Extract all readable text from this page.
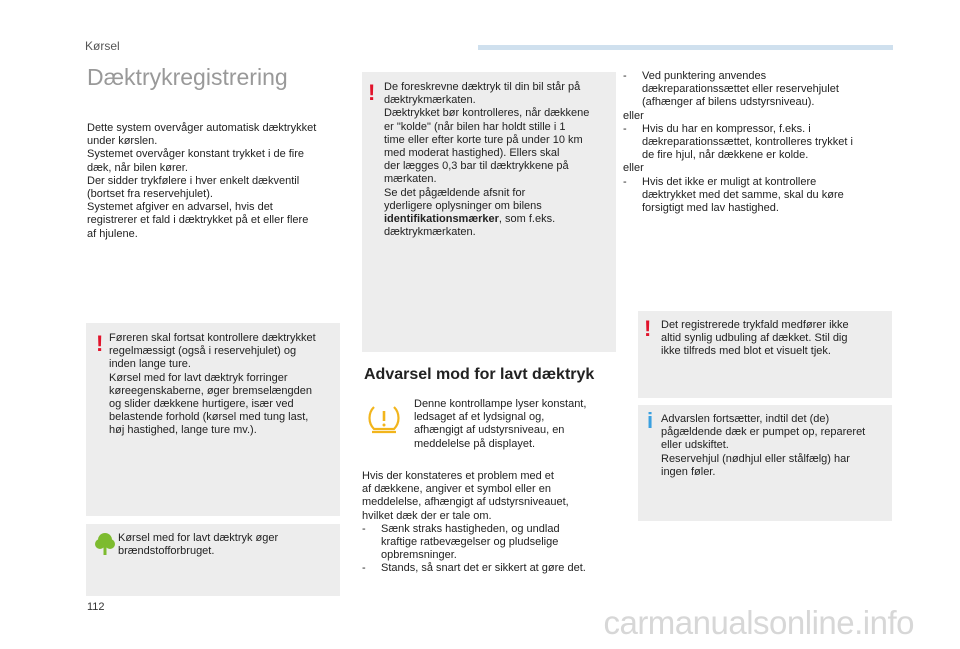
Kørsel
Dæktrykregistrering
Dette system overvåger automatisk dæktrykket
under kørslen.
Systemet overvåger konstant trykket i de fire
dæk, når bilen kører.
Der sidder trykfølere i hver enkelt dækventil
(bortset fra reservehjulet).
Systemet afgiver en advarsel, hvis det
registrerer et fald i dæktrykket på et eller flere
af hjulene.
! Føreren skal fortsat kontrollere dæktrykket
regelmæssigt (også i reservehjulet) og
inden lange ture.
Kørsel med for lavt dæktryk forringer
køreegenskaberne, øger bremselængden
og slider dækkene hurtigere, især ved
belastende forhold (kørsel med tung last,
høj hastighed, lange ture mv.).
Kørsel med for lavt dæktryk øger
brændstofforbruget.
! De foreskrevne dæktryk til din bil står på
dæktrykmærkaten.
Dæktrykket bør kontrolleres, når dækkene
er "kolde" (når bilen har holdt stille i 1
time eller efter korte ture på under 10 km
med moderat hastighed). Ellers skal
der lægges 0,3 bar til dæktrykkene på
mærkaten.
Se det pågældende afsnit for
yderligere oplysninger om bilens
identifikationsmærker, som f.eks.
dæktrykmærkaten.
Advarsel mod for lavt dæktryk
Denne kontrollampe lyser konstant,
ledsaget af et lydsignal og,
afhængigt af udstyrsniveau, en
meddelelse på displayet.
Hvis der konstateres et problem med et
af dækkene, angiver et symbol eller en
meddelelse, afhængigt af udstyrsniveauet,
hvilket dæk der er tale om.
- Sænk straks hastigheden, og undlad
kraftige ratbevægelser og pludselige
opbremsninger.
- Stands, så snart det er sikkert at gøre det.
- Ved punktering anvendes
dækreparationssættet eller reservehjulet
(afhænger af bilens udstyrsniveau).
eller
- Hvis du har en kompressor, f.eks. i
dækreparationssættet, kontrolleres trykket i
de fire hjul, når dækkene er kolde.
eller
- Hvis det ikke er muligt at kontrollere
dæktrykket med det samme, skal du køre
forsigtigt med lav hastighed.
! Det registrerede trykfald medfører ikke
altid synlig udbuling af dækket. Stil dig
ikke tilfreds med blot et visuelt tjek.
i Advarslen fortsætter, indtil det (de)
pågældende dæk er pumpet op, repareret
eller udskiftet.
Reservehjul (nødhjul eller stålfælg) har
ingen føler.
112	carmanualsonline.info
